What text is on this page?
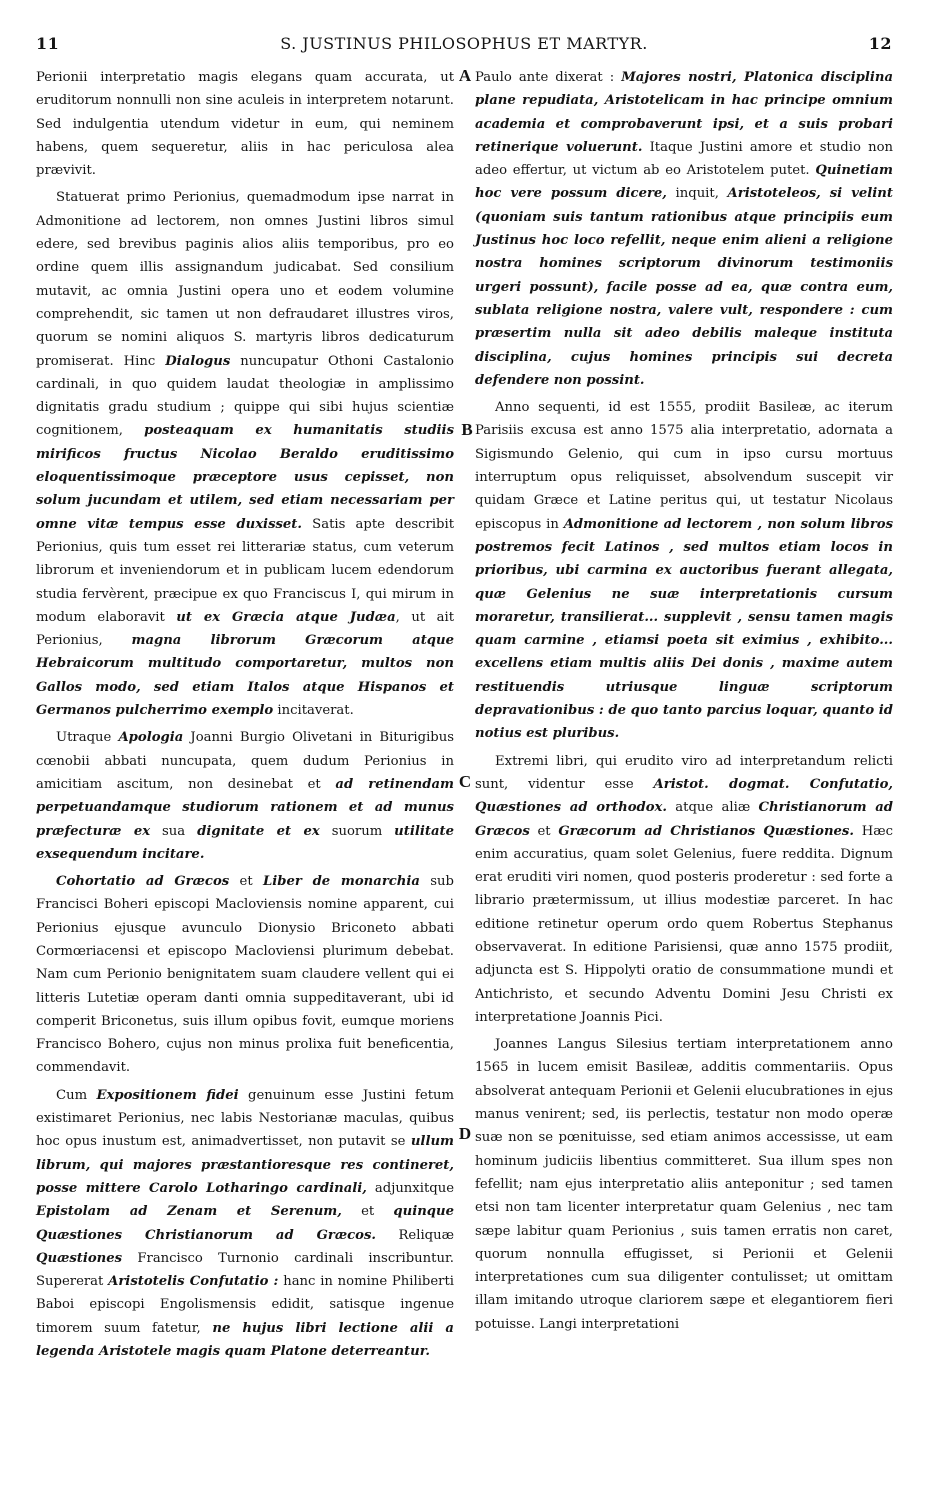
11	S. JUSTINUS PHILOSOPHUS ET MARTYR.	12

Perionii interpretatio magis elegans quam accurata, ut eruditorum nonnulli non sine aculeis in interpretem notarunt. Sed indulgentia utendum videtur in eum, qui neminem habens, quem sequeretur, aliis in hac periculosa alea prævivit.

Statuerat primo Perionius, quemadmodum ipse narrat in Admonitione ad lectorem, non omnes Justini libros simul edere, sed brevibus paginis alios aliis temporibus, pro eo ordine quem illis assignandum judicabat. Sed consilium mutavit, ac omnia Justini opera uno et eodem volumine comprehendit, sic tamen ut non defraudaret illustres viros, quorum se nomini aliquos S. martyris libros dedicaturum promiserat. Hinc Dialogus nuncupatur Othoni Castalonio cardinali, in quo quidem laudat theologiæ in amplissimo dignitatis gradu studium ; quippe qui sibi hujus scientiæ cognitionem, posteaquam ex humanitatis studiis mirificos fructus Nicolao Beraldo eruditissimo eloquentissimoque præceptore usus cepisset, non solum jucundam et utilem, sed etiam necessariam per omne vitæ tempus esse duxisset. Satis apte describit Perionius, quis tum esset rei litterariæ status, cum veterum librorum et inveniendorum et in publicam lucem edendorum studia fervèrent, præcipue ex quo Franciscus I, qui mirum in modum elaboravit ut ex Græcia atque Judæa, ut ait Perionius, magna librorum Græcorum atque Hebraicorum multitudo comportaretur, multos non Gallos modo, sed etiam Italos atque Hispanos et Germanos pulcherrimo exemplo incitaverat.

Utraque Apologia Joanni Burgio Olivetani in Biturigibus cœnobii abbati nuncupata, quem dudum Perionius in amicitiam ascitum, non desinebat et ad retinendam perpetuandamque studiorum rationem et ad munus præfecturæ ex sua dignitate et ex suorum utilitate exsequendum incitare.

Cohortatio ad Græcos et Liber de monarchia sub Francisci Boheri episcopi Macloviensis nomine apparent, cui Perionius ejusque avunculo Dionysio Briconeto abbati Cormœriacensi et episcopo Macloviensi plurimum debebat. Nam cum Perionio benignitatem suam claudere vellent qui ei litteris Lutetiæ operam danti omnia suppeditaverant, ubi id comperit Briconetus, suis illum opibus fovit, eumque moriens Francisco Bohero, cujus non minus prolixa fuit beneficentia, commendavit.

Cum Expositionem fidei genuinum esse Justini fetum existimaret Perionius, nec labis Nestorianæ maculas, quibus hoc opus inustum est, animadvertisset, non putavit se ullum librum, qui majores præstantioresque res contineret, posse mittere Carolo Lotharingo cardinali, adjunxitque Epistolam ad Zenam et Serenum, et quinque Quæstiones Christianorum ad Græcos. Reliquæ Quæstiones Francisco Turnonio cardinali inscribuntur. Supererat Aristotelis Confutatio : hanc in nomine Philiberti Baboi episcopi Engolismensis edidit, satisque ingenue timorem suum fatetur, ne hujus libri lectione alii a legenda Aristotele magis quam Platone deterreantur.

Paulo ante dixerat : Majores nostri, Platonica disciplina plane repudiata, Aristotelicam in hac principe omnium academia et comprobaverunt ipsi, et a suis probari retinerique voluerunt. Itaque Justini amore et studio non adeo effertur, ut victum ab eo Aristotelem putet. Quinetiam hoc vere possum dicere, inquit, Aristoteleos, si velint (quoniam suis tantum rationibus atque principiis eum Justinus hoc loco refellit, neque enim alieni a religione nostra homines scriptorum divinorum testimoniis urgeri possunt), facile posse ad ea, quæ contra eum, sublata religione nostra, valere vult, respondere : cum præsertim nulla sit adeo debilis maleque instituta disciplina, cujus homines principis sui decreta defendere non possint.

Anno sequenti, id est 1555, prodiit Basileæ, ac iterum Parisiis excusa est anno 1575 alia interpretatio, adornata a Sigismundo Gelenio, qui cum in ipso cursu mortuus interruptum opus reliquisset, absolvendum suscepit vir quidam Græce et Latine peritus qui, ut testatur Nicolaus episcopus in Admonitione ad lectorem , non solum libros postremos fecit Latinos , sed multos etiam locos in prioribus, ubi carmina ex auctoribus fuerant allegata, quæ Gelenius ne suæ interpretationis cursum moraretur, transilierat... supplevit , sensu tamen magis quam carmine , etiamsi poeta sit eximius , exhibito... excellens etiam multis aliis Dei donis , maxime autem restituendis utriusque linguæ scriptorum depravationibus : de quo tanto parcius loquar, quanto id notius est pluribus.

Extremi libri, qui erudito viro ad interpretandum relicti sunt, videntur esse Aristot. dogmat. Confutatio, Quæstiones ad orthodox. atque aliæ Christianorum ad Græcos et Græcorum ad Christianos Quæstiones. Hæc enim accuratius, quam solet Gelenius, fuere reddita. Dignum erat eruditi viri nomen, quod posteris proderetur : sed forte a librario prætermissum, ut illius modestiæ parceret. In hac editione retinetur operum ordo quem Robertus Stephanus observaverat. In editione Parisiensi, quæ anno 1575 prodiit, adjuncta est S. Hippolyti oratio de consummatione mundi et Antichristo, et secundo Adventu Domini Jesu Christi ex interpretatione Joannis Pici.

Joannes Langus Silesius tertiam interpretationem anno 1565 in lucem emisit Basileæ, additis commentariis. Opus absolverat antequam Perionii et Gelenii elucubrationes in ejus manus venirent; sed, iis perlectis, testatur non modo operæ suæ non se pœnituisse, sed etiam animos accessisse, ut eam hominum judiciis libentius committeret. Sua illum spes non fefellit; nam ejus interpretatio aliis anteponitur ; sed tamen etsi non tam licenter interpretatur quam Gelenius , nec tam sæpe labitur quam Perionius , suis tamen erratis non caret, quorum nonnulla effugisset, si Perionii et Gelenii interpretationes cum sua diligenter contulisset; ut omittam illam imitando utroque clariorem sæpe et elegantiorem fieri potuisse. Langi interpretationi

A
B
C
D
